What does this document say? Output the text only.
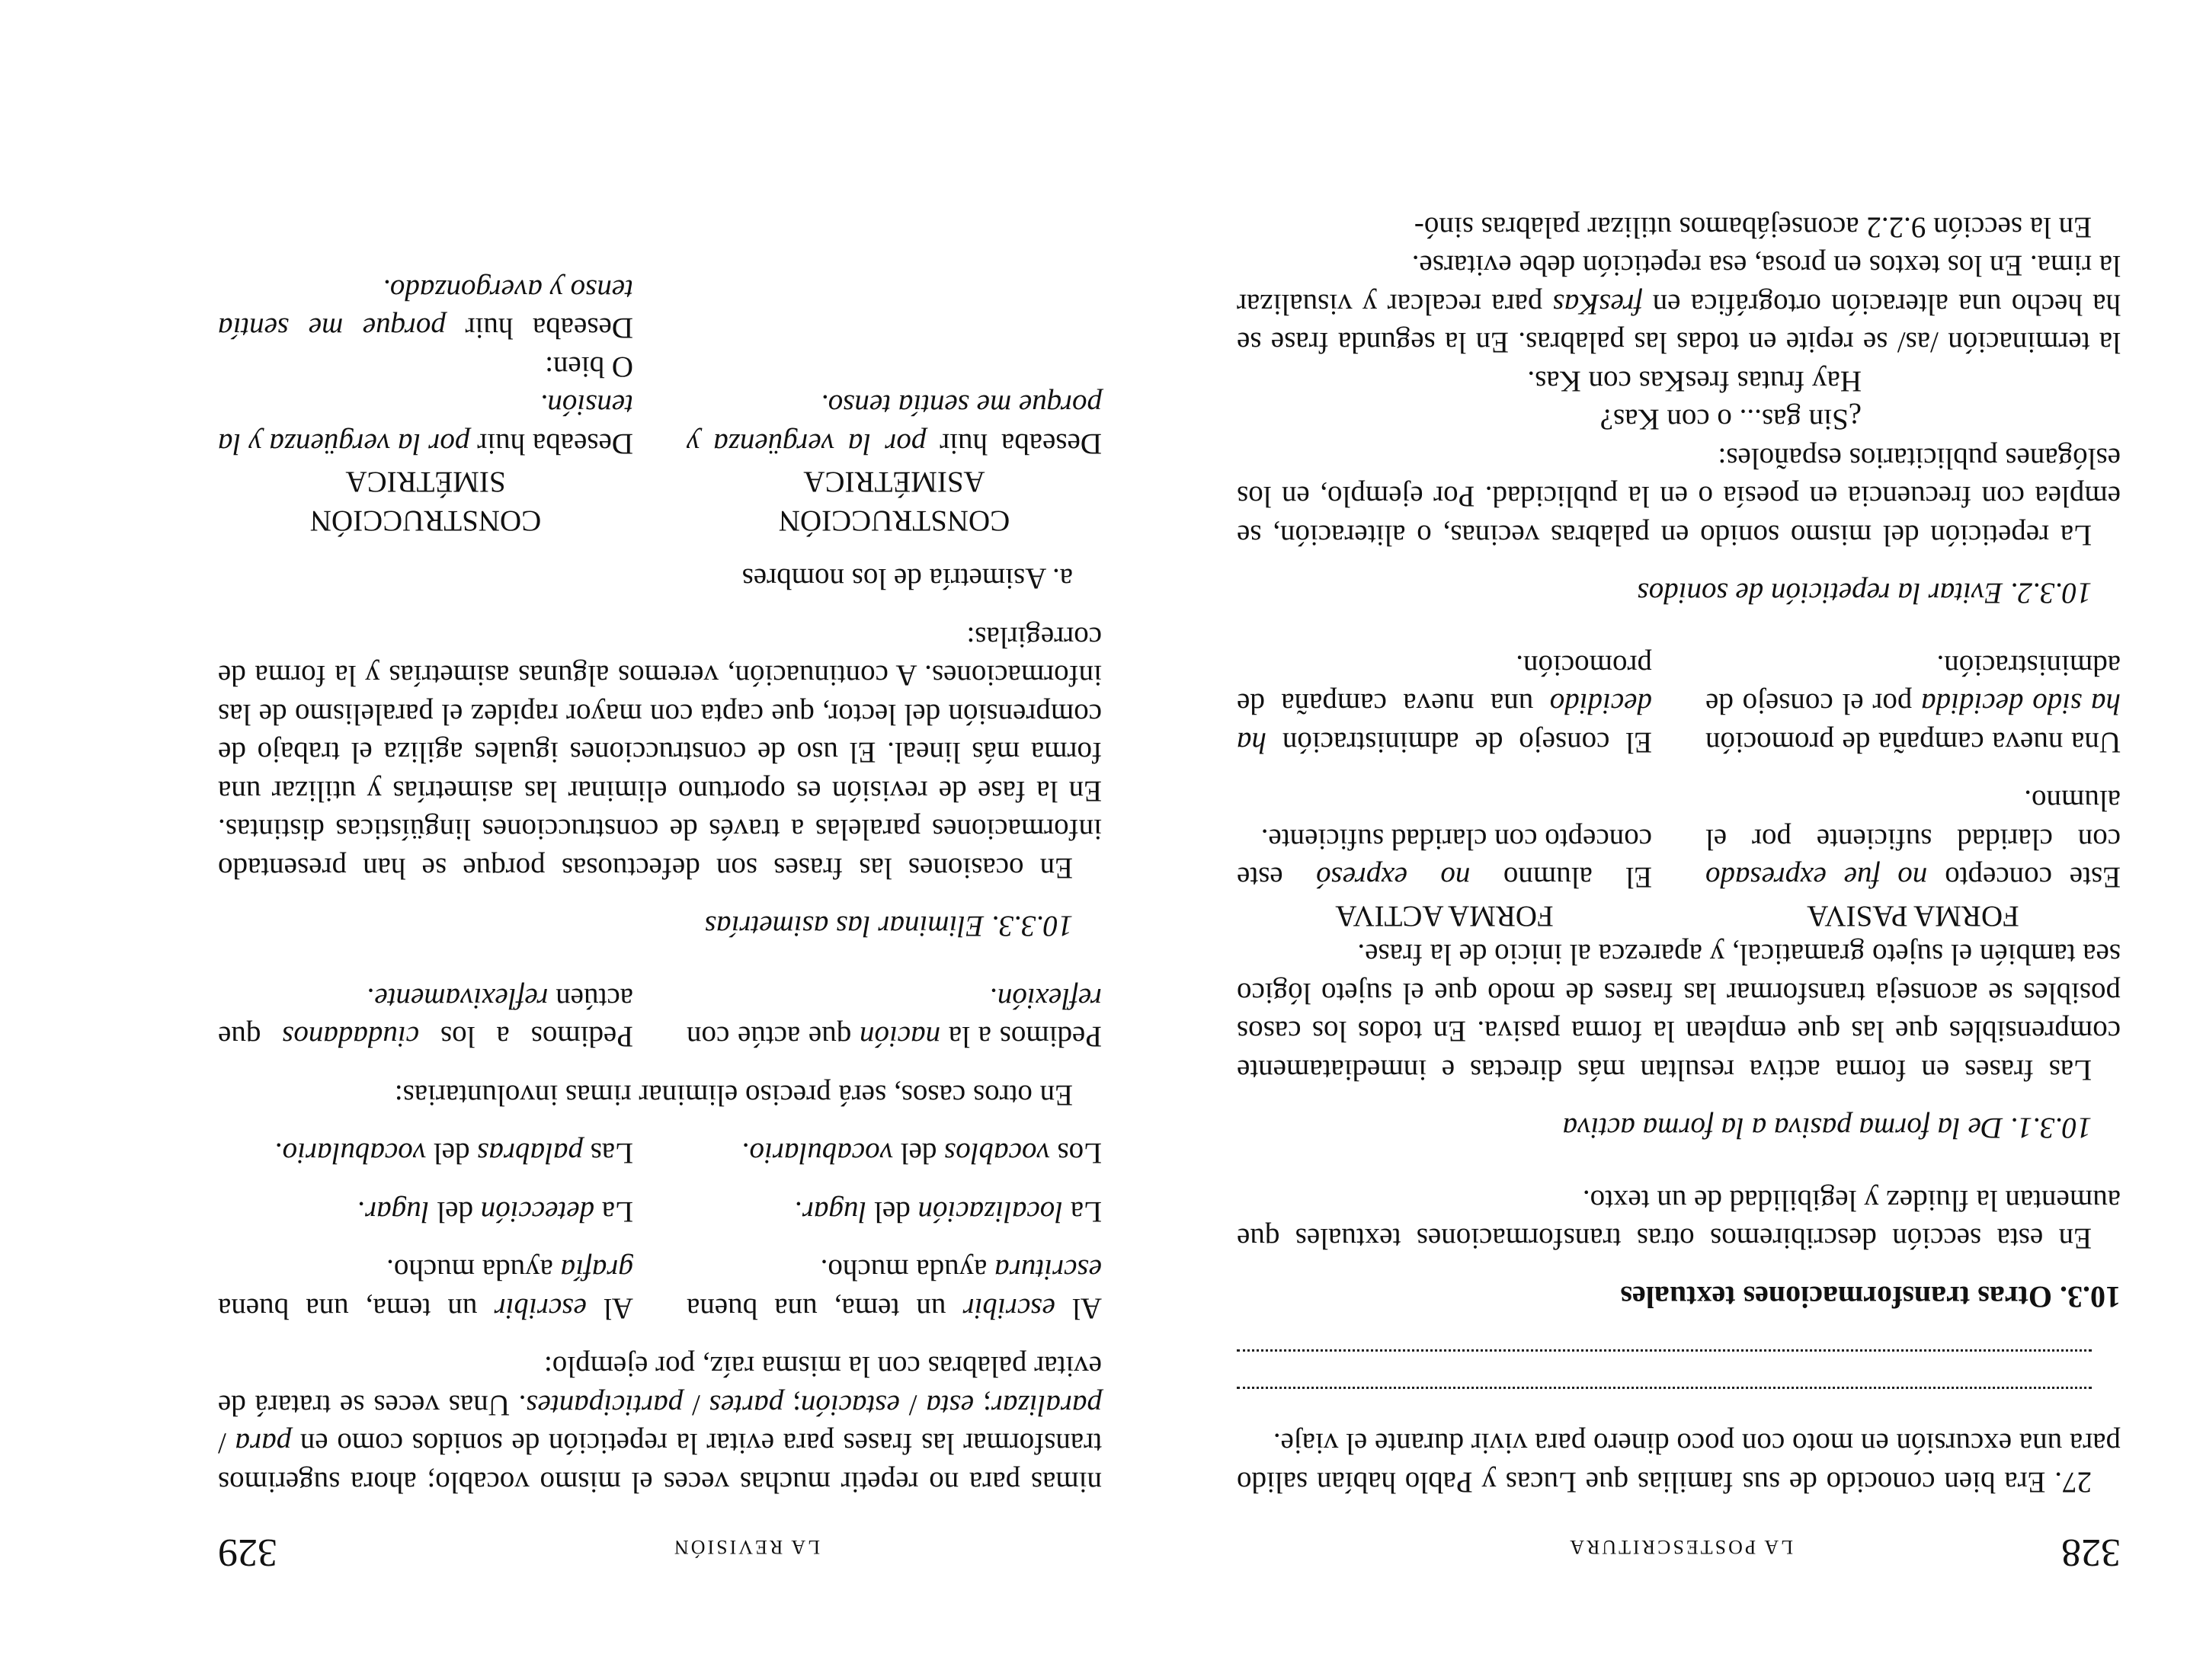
328
LA POSTESCRITURA

27. Era bien conocido de sus familias que Lucas y Pablo habían salido para una excursión en moto con poco dinero para vivir durante el viaje.

10.3. Otras transformaciones textuales

En esta sección describiremos otras transformaciones textuales que aumentan la fluidez y legibilidad de un texto.

10.3.1. De la forma pasiva a la forma activa

Las frases en forma activa resultan más directas e inmediatamente comprensibles que las que emplean la forma pasiva. En todos los casos posibles se aconseja transformar las frases de modo que el sujeto lógico sea también el sujeto gramatical, y aparezca al inicio de la frase.

FORMA PASIVA
FORMA ACTIVA
Este concepto no fue expresado con claridad suficiente por el alumno.
El alumno no expresó este concepto con claridad suficiente.
Una nueva campaña de promoción ha sido decidida por el consejo de administración.
El consejo de administración ha decidido una nueva campaña de promoción.

10.3.2. Evitar la repetición de sonidos

La repetición del mismo sonido en palabras vecinas, o aliteración, se emplea con frecuencia en poesía o en la publicidad. Por ejemplo, en los eslóganes publicitarios españoles:

¿Sin gas... o con Kas?

Hay frutas fresKas con Kas.

la terminación /as/ se repite en todas las palabras. En la segunda frase se ha hecho una alteración ortográfica en fresKas para recalcar y visualizar la rima. En los textos en prosa, esa repetición debe evitarse.

En la sección 9.2.2 aconsejábamos utilizar palabras sinó-

LA REVISIÓN
329

nimas para no repetir muchas veces el mismo vocablo; ahora sugerimos transformar las frases para evitar la repetición de sonidos como en para / paralizar; esta / estación; partes / participantes. Unas veces se tratará de evitar palabras con la misma raíz, por ejemplo:

Al escribir un tema, una buena escritura ayuda mucho.
Al escribir un tema, una buena grafía ayuda mucho.
La localización del lugar.
La detección del lugar.
Los vocablos del vocabulario.
Las palabras del vocabulario.

En otros casos, será preciso eliminar rimas involuntarias:

Pedimos a la nación que actúe con reflexión.
Pedimos a los ciudadanos que actúen reflexivamente.

10.3.3. Eliminar las asimetrías

En ocasiones las frases son defectuosas porque se han presentado informaciones paralelas a través de construcciones lingüísticas distintas. En la fase de revisión es oportuno eliminar las asimetrías y utilizar una forma más lineal. El uso de construcciones iguales agiliza el trabajo de comprensión del lector, que capta con mayor rapidez el paralelismo de las informaciones. A continuación, veremos algunas asimetrías y la forma de corregirlas:

a. Asimetría de los nombres

CONSTRUCCIÓN
ASIMÉTRICA
CONSTRUCCIÓN
SIMÉTRICA
Deseaba huir por la vergüenza y porque me sentía tenso.
Deseaba huir por la vergüenza y la tensión.
O bien:
Deseaba huir porque me sentía tenso y avergonzado.
